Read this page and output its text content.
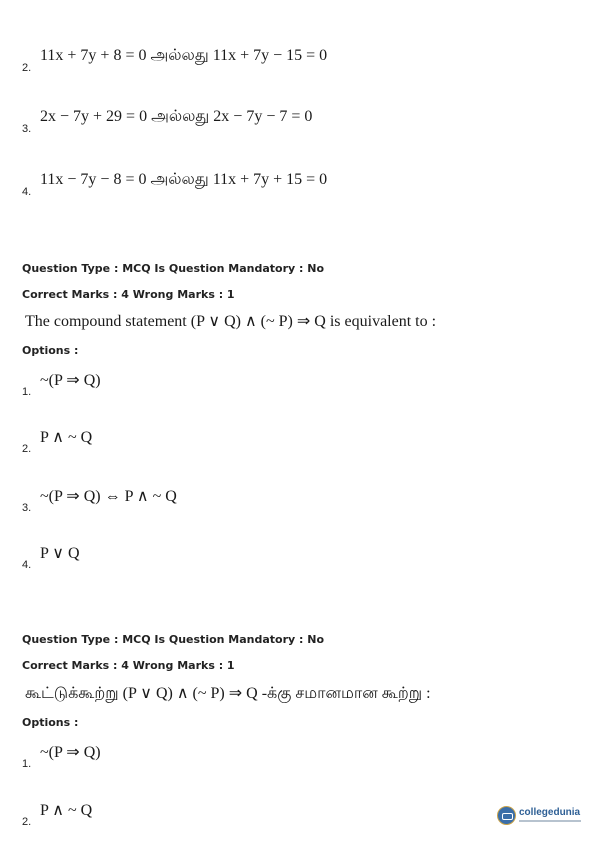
2.
11x + 7y + 8 = 0 அல்லது 11x + 7y − 15 = 0
3.
2x − 7y + 29 = 0 அல்லது 2x − 7y − 7 = 0
4.
11x − 7y − 8 = 0 அல்லது 11x + 7y + 15 = 0
Question Type : MCQ Is Question Mandatory : No
Correct Marks : 4 Wrong Marks : 1
The compound statement (P ∨ Q) ∧ (~ P) ⇒ Q is equivalent to :
Options :
1.
~(P ⇒ Q)
2.
P ∧ ~ Q
3.
~(P ⇒ Q) ⇔ P ∧ ~ Q
4.
P ∨ Q
Question Type : MCQ Is Question Mandatory : No
Correct Marks : 4 Wrong Marks : 1
கூட்டுக்கூற்று (P ∨ Q) ∧ (~ P) ⇒ Q -க்கு சமானமான கூற்று :
Options :
1.
~(P ⇒ Q)
2.
P ∧ ~ Q	collegedunia
